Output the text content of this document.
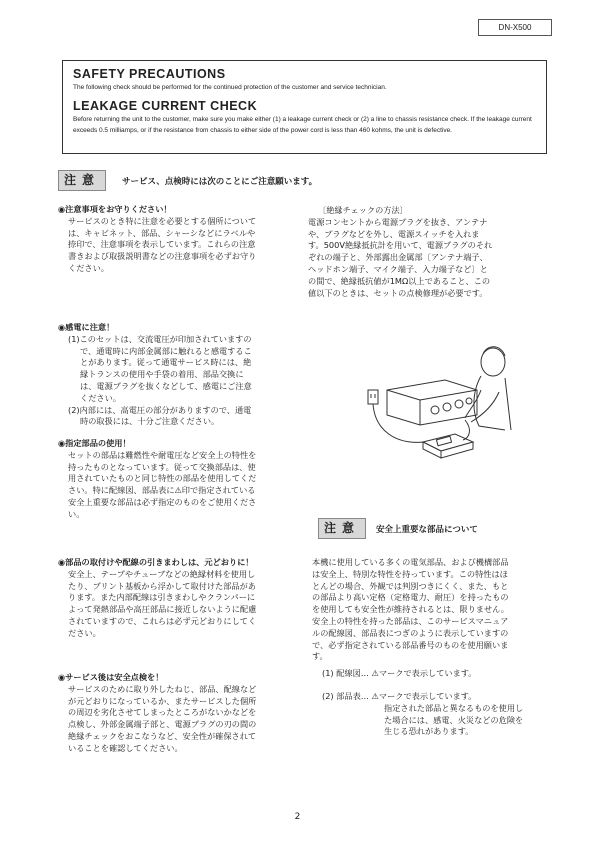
DN-X500
SAFETY PRECAUTIONS
The following check should be performed for the continued protection of the customer and service technician.
LEAKAGE CURRENT CHECK
Before returning the unit to the customer, make sure you make either (1) a leakage current check or (2) a line to chassis resistance check. If the leakage current exceeds 0.5 milliamps, or if the resistance from chassis to either side of the power cord is less than 460 kohms, the unit is defective.
注意	サービス、点検時には次のことにご注意願います。
◉注意事項をお守りください！
サービスのとき特に注意を必要とする個所について
は、キャビネット、部品、シャーシなどにラベルや
捺印で、注意事項を表示しています。これらの注意
書きおよび取扱説明書などの注意事項を必ずお守り
ください。
◉感電に注意！
(1)このセットは、交流電圧が印加されていますの
で、通電時に内部金属部に触れると感電するこ
とがあります。従って通電サービス時には、絶
縁トランスの使用や手袋の着用、部品交換に
は、電源プラグを抜くなどして、感電にご注意
ください。
(2)内部には、高電圧の部分がありますので、通電
時の取扱には、十分ご注意ください。
◉指定部品の使用！
セットの部品は難燃性や耐電圧など安全上の特性を
持ったものとなっています。従って交換部品は、使
用されていたものと同じ特性の部品を使用してくだ
さい。特に配線図、部品表に⚠印で指定されている
安全上重要な部品は必ず指定のものをご使用くださ
い。
◉部品の取付けや配線の引きまわしは、元どおりに！
安全上、テープやチューブなどの絶縁材料を使用し
たり、プリント基板から浮かして取付けた部品があ
ります。また内部配線は引きまわしやクランパーに
よって発熱部品や高圧部品に接近しないように配慮
されていますので、これらは必ず元どおりにしてく
ださい。
◉サービス後は安全点検を！
サービスのために取り外したねじ、部品、配線など
が元どおりになっているか、またサービスした個所
の周辺を劣化させてしまったところがないかなどを
点検し、外部金属端子部と、電源プラグの刃の間の
絶縁チェックをおこなうなど、安全性が確保されて
いることを確認してください。
〔絶縁チェックの方法〕
電源コンセントから電源プラグを抜き、アンテナ
や、プラグなどを外し、電源スイッチを入れま
す。500V絶縁抵抗計を用いて、電源プラグのそれ
ぞれの端子と、外部露出金属部〔アンテナ端子、
ヘッドホン端子、マイク端子、入力端子など〕と
の間で、絶縁抵抗値が1MΩ以上であること、この
値以下のときは、セットの点検修理が必要です。
注意	安全上重要な部品について
本機に使用している多くの電気部品、および機構部品
は安全上、特別な特性を持っています。この特性はほ
とんどの場合、外観では判別つきにくく、また、もと
の部品より高い定格（定格電力、耐圧）を持ったもの
を使用しても安全性が維持されるとは、限りません。
安全上の特性を持った部品は、このサービスマニュア
ルの配線図、部品表につぎのように表示していますの
で、必ず指定されている部品番号のものを使用願いま
す。
(1) 配線図… ⚠マークで表示しています。
(2) 部品表… ⚠マークで表示しています。
指定された部品と異なるものを使用し
た場合には、感電、火災などの危険を
生じる恐れがあります。
2
